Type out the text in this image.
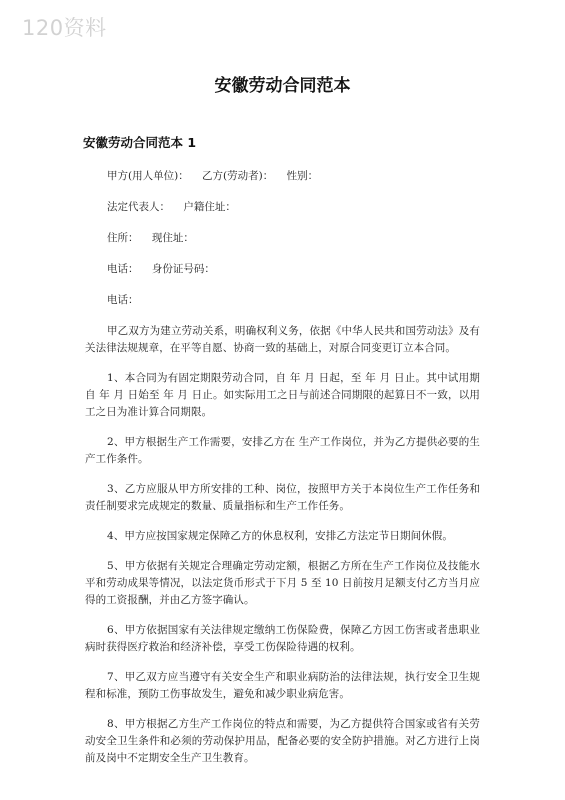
120资料
安徽劳动合同范本
安徽劳动合同范本 1
甲方(用人单位)：    乙方(劳动者)：    性别：
法定代表人：    户籍住址：
住所：    现住址：
电话：    身份证号码：
电话：

甲乙双方为建立劳动关系，明确权利义务，依据《中华人民共和国劳动法》及有关法律法规规章，在平等自愿、协商一致的基础上，对原合同变更订立本合同。

1、本合同为有固定期限劳动合同，自 年 月 日起，至 年 月 日止。其中试用期自 年 月 日始至 年 月 日止。如实际用工之日与前述合同期限的起算日不一致，以用工之日为准计算合同期限。

2、甲方根据生产工作需要，安排乙方在 生产工作岗位，并为乙方提供必要的生产工作条件。

3、乙方应服从甲方所安排的工种、岗位，按照甲方关于本岗位生产工作任务和责任制要求完成规定的数量、质量指标和生产工作任务。

4、甲方应按国家规定保障乙方的休息权利，安排乙方法定节日期间休假。

5、甲方依据有关规定合理确定劳动定额，根据乙方所在生产工作岗位及技能水平和劳动成果等情况，以法定货币形式于下月 5 至 10 日前按月足额支付乙方当月应得的工资报酬，并由乙方签字确认。

6、甲方依据国家有关法律规定缴纳工伤保险费，保障乙方因工伤害或者患职业病时获得医疗救治和经济补偿，享受工伤保险待遇的权利。

7、甲乙双方应当遵守有关安全生产和职业病防治的法律法规，执行安全卫生规程和标准，预防工伤事故发生，避免和减少职业病危害。

8、甲方根据乙方生产工作岗位的特点和需要，为乙方提供符合国家或省有关劳动安全卫生条件和必须的劳动保护用品，配备必要的安全防护措施。对乙方进行上岗前及岗中不定期安全生产卫生教育。
